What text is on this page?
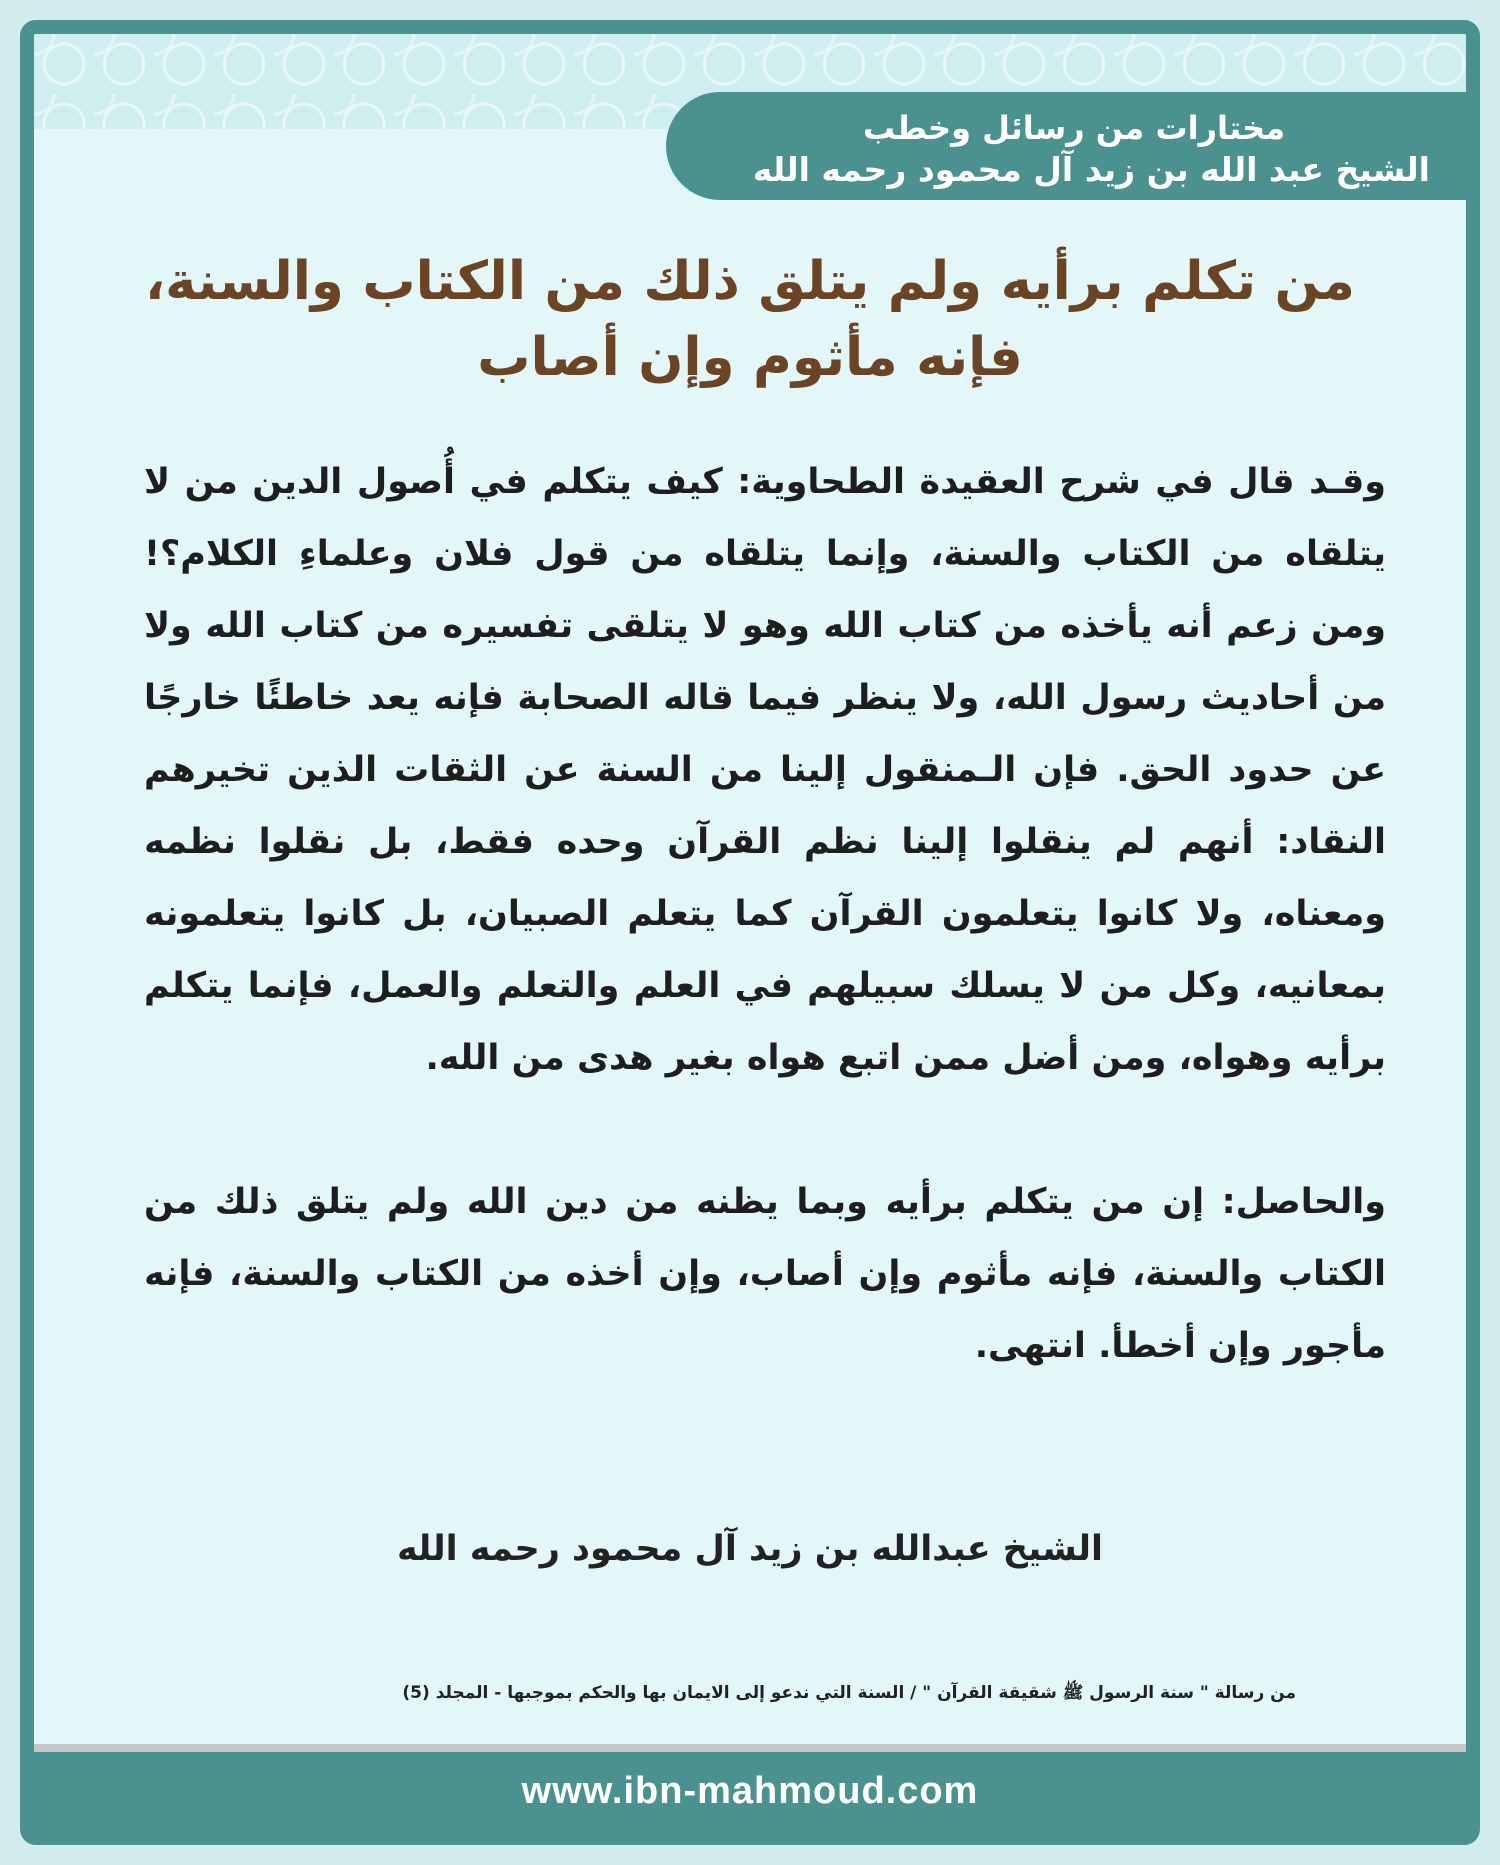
مختارات من رسائل وخطب
الشيخ عبد الله بن زيد آل محمود رحمه الله
من تكلم برأيه ولم يتلق ذلك من الكتاب والسنة، فإنه مأثوم وإن أصاب

وقـد قال في شرح العقيدة الطحاوية: كيف يتكلم في أُصول الدين من لا يتلقاه من الكتاب والسنة، وإنما يتلقاه من قول فلان وعلماءِ الكلام؟! ومن زعم أنه يأخذه من كتاب الله وهو لا يتلقى تفسيره من كتاب الله ولا من أحاديث رسول الله، ولا ينظر فيما قاله الصحابة فإنه يعد خاطئًا خارجًا عن حدود الحق. فإن الـمنقول إلينا من السنة عن الثقات الذين تخيرهم النقاد: أنهم لم ينقلوا إلينا نظم القرآن وحده فقط، بل نقلوا نظمه ومعناه، ولا كانوا يتعلمون القرآن كما يتعلم الصبيان، بل كانوا يتعلمونه بمعانيه، وكل من لا يسلك سبيلهم في العلم والتعلم والعمل، فإنما يتكلم برأيه وهواه، ومن أضل ممن اتبع هواه بغير هدى من الله.

والحاصل: إن من يتكلم برأيه وبما يظنه من دين الله ولم يتلق ذلك من الكتاب والسنة، فإنه مأثوم وإن أصاب، وإن أخذه من الكتاب والسنة، فإنه مأجور وإن أخطأ. انتهى.

الشيخ عبدالله بن زيد آل محمود رحمه الله
من رسالة " سنة الرسول ﷺ شقيقة القرآن " / السنة التي ندعو إلى الايمان بها والحكم بموجبها - المجلد (5)
www.ibn-mahmoud.com
